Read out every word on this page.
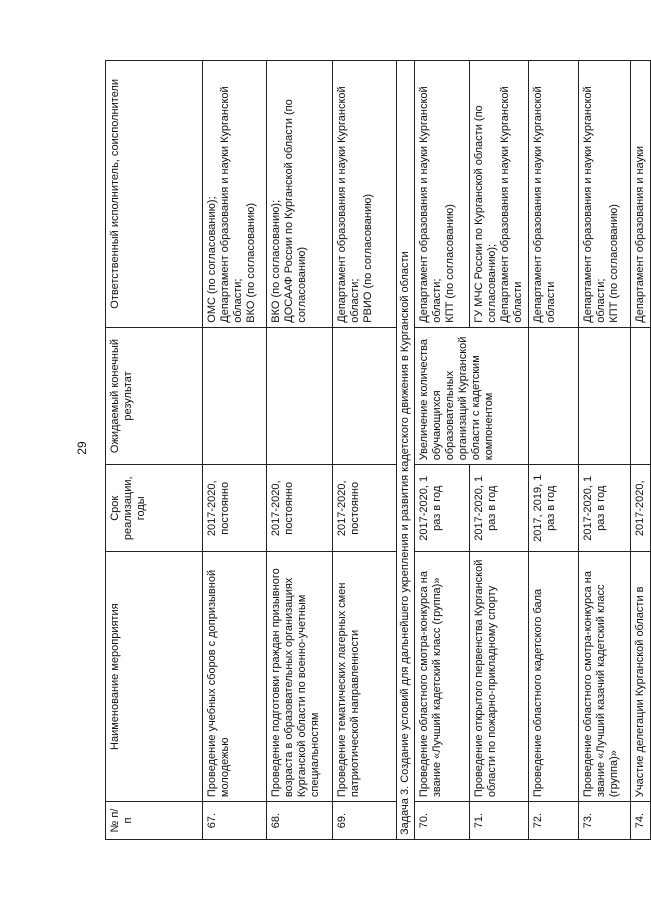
29
№ п/п	Наименование мероприятия	Срок реализации, годы	Ожидаемый конечный результат	Ответственный исполнитель, соисполнители
67.	Проведение учебных сборов с допризывной молодежью	2017-2020, постоянно		ОМС (по согласованию); Департамент образования и науки Курганской области; ВКО (по согласованию)

68.	Проведение подготовки граждан призывного возраста в образовательных организациях Курганской области по военно-учетным специальностям	2017-2020, постоянно		ВКО (по согласованию); ДОСААФ России по Курганской области (по согласованию)

69.	Проведение тематических лагерных смен патриотической направленности	2017-2020, постоянно		Департамент образования и науки Курганской области; РВИО (по согласованию)

Задача 3. Создание условий для дальнейшего укрепления и развития кадетского движения в Курганской области				
70.	Проведение областного смотра-конкурса на звание «Лучший кадетский класс (группа)»	2017-2020, 1 раз в год	Увеличение количества обучающихся образовательных организаций Курганской области с кадетским компонентом	Департамент образования и науки Курганской области; КПТ (по согласованию)

71.	Проведение открытого первенства Курганской области по пожарно-прикладному спорту	2017-2020, 1 раз в год		ГУ МЧС России по Курганской области (по согласованию); Департамент образования и науки Курганской области

72.	Проведение областного кадетского бала	2017, 2019, 1 раз в год		Департамент образования и науки Курганской области

73.	Проведение областного смотра-конкурса на звание «Лучший казачий кадетский класс (группа)»	2017-2020, 1 раз в год		Департамент образования и науки Курганской области; КПТ (по согласованию)

74.	Участие делегации Курганской области в	2017-2020,		Департамент образования и науки
